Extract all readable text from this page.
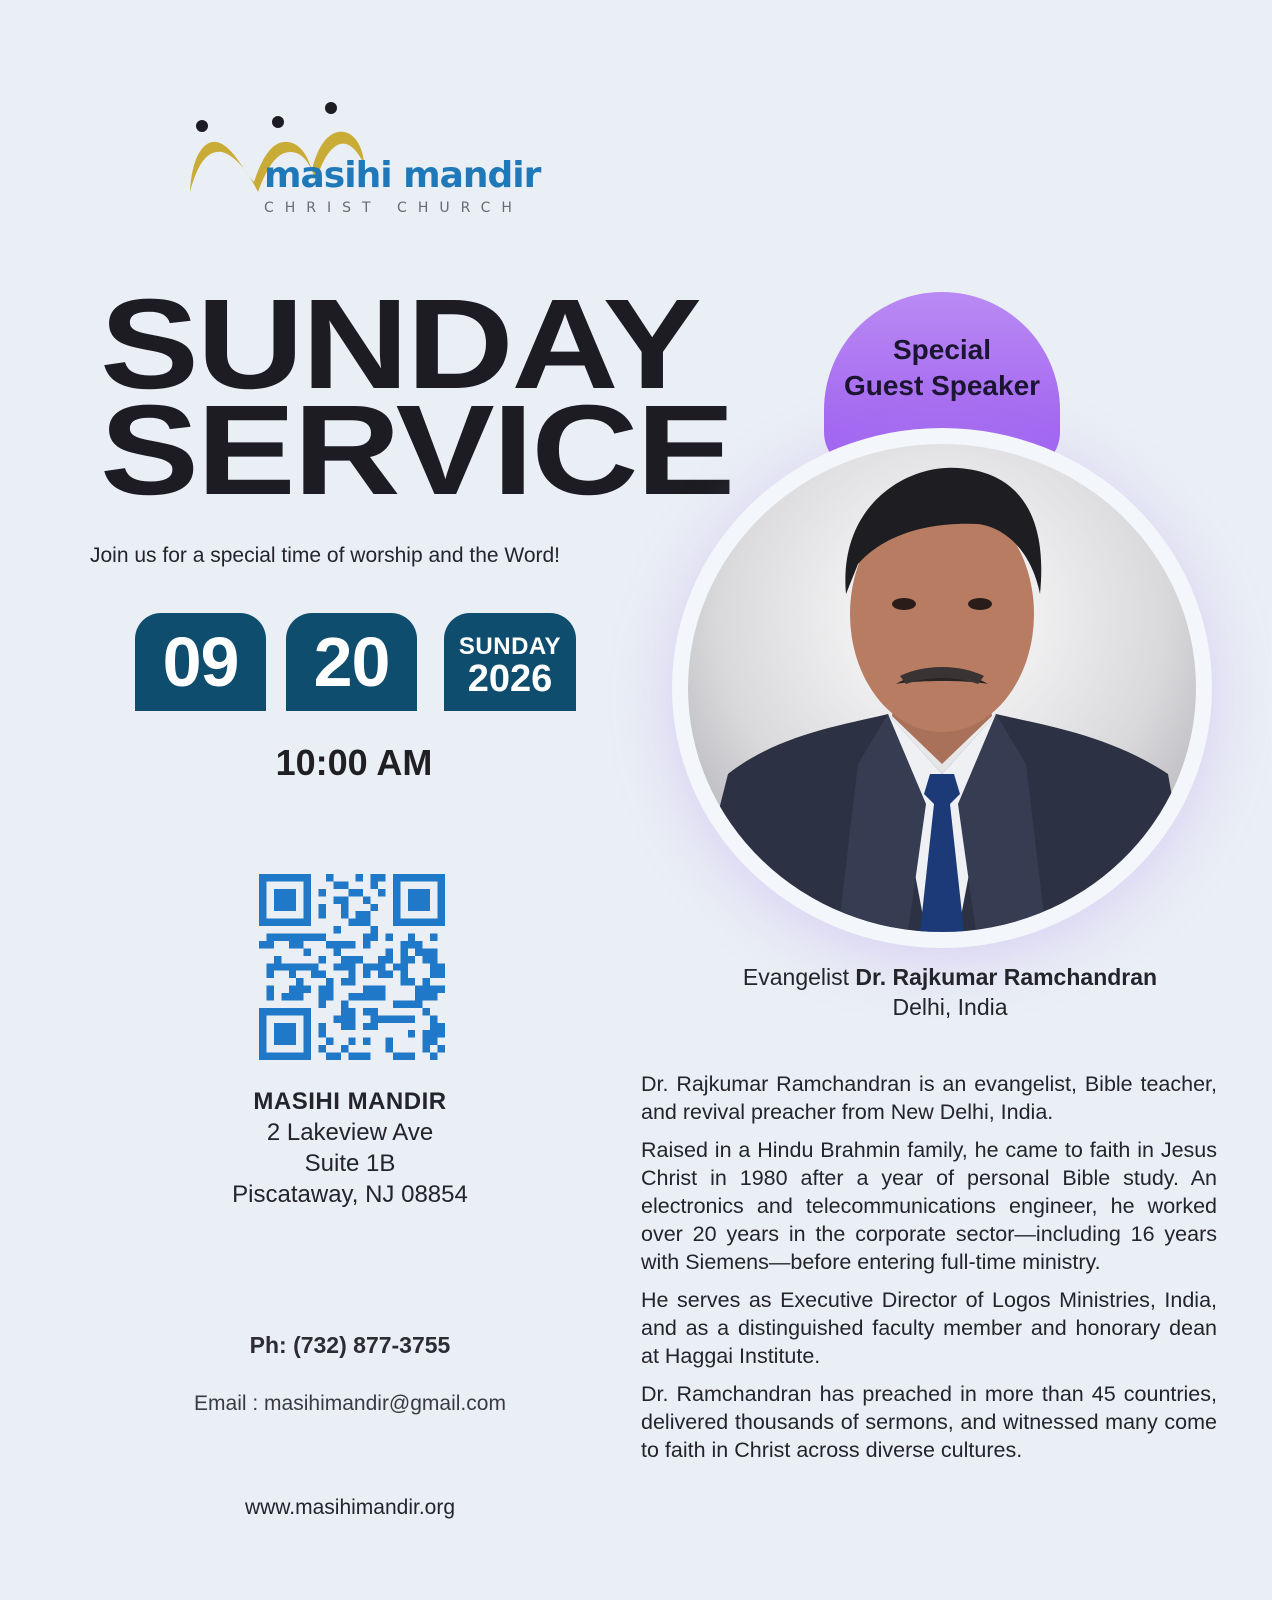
masihi mandir
CHRIST CHURCH
SUNDAY
SERVICE
Join us for a special time of worship and the Word!
09	20	SUNDAY
2026
10:00 AM
MASIHI MANDIR
2 Lakeview Ave
Suite 1B
Piscataway, NJ 08854
Ph: (732) 877-3755
Email : masihimandir@gmail.com
www.masihimandir.org
Special
Guest Speaker
Evangelist Dr. Rajkumar Ramchandran
Delhi, India

Dr. Rajkumar Ramchandran is an evangelist, Bible teacher, and revival preacher from New Delhi, India.

Raised in a Hindu Brahmin family, he came to faith in Jesus Christ in 1980 after a year of personal Bible study. An electronics and telecommunications engineer, he worked over 20 years in the corporate sector—including 16 years with Siemens—before entering full-time ministry.

He serves as Executive Director of Logos Ministries, India, and as a distinguished faculty member and honorary dean at Haggai Institute.

Dr. Ramchandran has preached in more than 45 countries, delivered thousands of sermons, and witnessed many come to faith in Christ across diverse cultures.
